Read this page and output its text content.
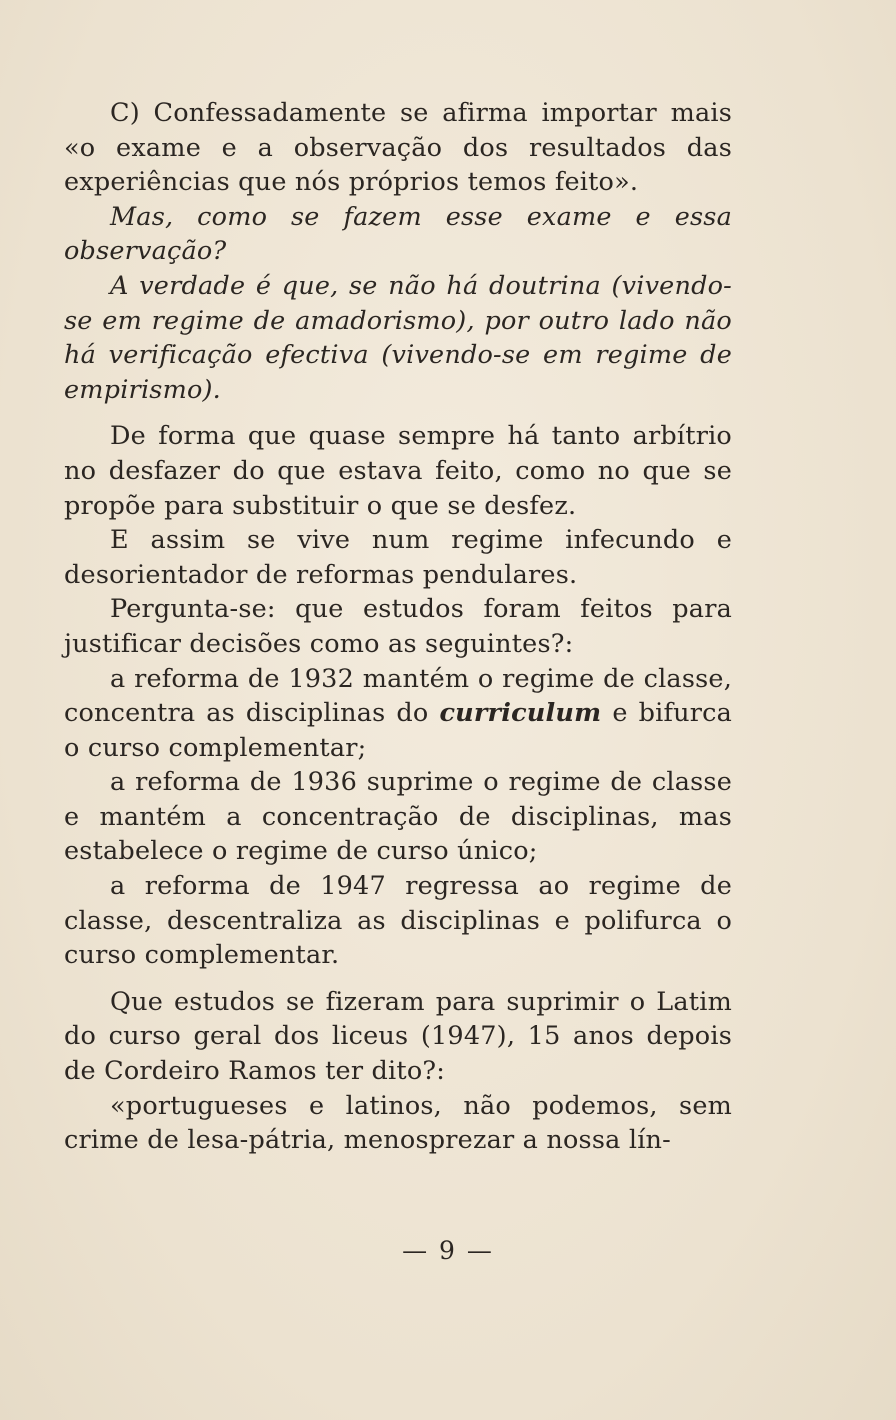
C) Confessadamente se afirma importar mais «o exame e a observação dos resultados das experiências que nós próprios temos feito».

Mas, como se fazem esse exame e essa observação?

A verdade é que, se não há doutrina (vivendo-se em regime de amadorismo), por outro lado não há verificação efectiva (vivendo-se em regime de empirismo).

De forma que quase sempre há tanto arbítrio no desfazer do que estava feito, como no que se propõe para substituir o que se desfez.

E assim se vive num regime infecundo e desorientador de reformas pendulares.

Pergunta-se: que estudos foram feitos para justificar decisões como as seguintes?:

a reforma de 1932 mantém o regime de classe, concentra as disciplinas do curriculum e bifurca o curso complementar;

a reforma de 1936 suprime o regime de classe e mantém a concentração de disciplinas, mas estabelece o regime de curso único;

a reforma de 1947 regressa ao regime de classe, descentraliza as disciplinas e polifurca o curso complementar.

Que estudos se fizeram para suprimir o Latim do curso geral dos liceus (1947), 15 anos depois de Cordeiro Ramos ter dito?:

«portugueses e latinos, não podemos, sem crime de lesa-pátria, menosprezar a nossa lín-

— 9 —
